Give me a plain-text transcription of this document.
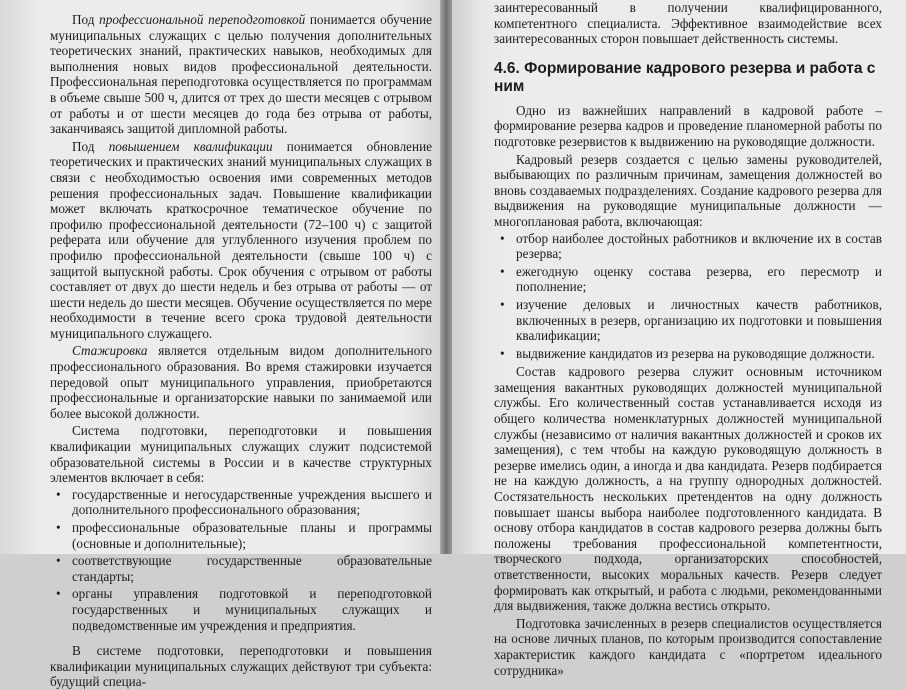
Под профессиональной переподготовкой понимается обучение муниципальных служащих с целью получения дополнительных теоретических знаний, практических навыков, необходимых для выполнения новых видов профессиональной деятельности. Профессиональная переподготовка осуществляется по программам в объеме свыше 500 ч, длится от трех до шести месяцев с отрывом от работы и от шести месяцев до года без отрыва от работы, заканчиваясь защитой дипломной работы.

Под повышением квалификации понимается обновление теоретических и практических знаний муниципальных служащих в связи с необходимостью освоения ими современных методов решения профессиональных задач. Повышение квалификации может включать краткосрочное тематическое обучение по профилю профессиональной деятельности (72–100 ч) с защитой реферата или обучение для углубленного изучения проблем по профилю профессиональной деятельности (свыше 100 ч) с защитой выпускной работы. Срок обучения с отрывом от работы составляет от двух до шести недель и без отрыва от работы — от шести недель до шести месяцев. Обучение осуществляется по мере необходимости в течение всего срока трудовой деятельности муниципального служащего.

Стажировка является отдельным видом дополнительного профессионального образования. Во время стажировки изучается передовой опыт муниципального управления, приобретаются профессиональные и организаторские навыки по занимаемой или более высокой должности.

Система подготовки, переподготовки и повышения квалификации муниципальных служащих служит подсистемой образовательной системы в России и в качестве структурных элементов включает в себя:

• государственные и негосударственные учреждения высшего и дополнительного профессионального образования;
• профессиональные образовательные планы и программы (основные и дополнительные);
• соответствующие государственные образовательные стандарты;
• органы управления подготовкой и переподготовкой государственных и муниципальных служащих и подведомственные им учреждения и предприятия.

В системе подготовки, переподготовки и повышения квалификации муниципальных служащих действуют три субъекта: будущий специа-

заинтересованный в получении квалифицированного, компетентного специалиста. Эффективное взаимодействие всех заинтересованных сторон повышает действенность системы.

4.6. Формирование кадрового резерва и работа с ним

Одно из важнейших направлений в кадровой работе – формирование резерва кадров и проведение планомерной работы по подготовке резервистов к выдвижению на руководящие должности.

Кадровый резерв создается с целью замены руководителей, выбывающих по различным причинам, замещения должностей во вновь создаваемых подразделениях. Создание кадрового резерва для выдвижения на руководящие муниципальные должности — многоплановая работа, включающая:

• отбор наиболее достойных работников и включение их в состав резерва;
• ежегодную оценку состава резерва, его пересмотр и пополнение;
• изучение деловых и личностных качеств работников, включенных в резерв, организацию их подготовки и повышения квалификации;
• выдвижение кандидатов из резерва на руководящие должности.

Состав кадрового резерва служит основным источником замещения вакантных руководящих должностей муниципальной службы. Его количественный состав устанавливается исходя из общего количества номенклатурных должностей муниципальной службы (независимо от наличия вакантных должностей и сроков их замещения), с тем чтобы на каждую руководящую должность в резерве имелись один, а иногда и два кандидата. Резерв подбирается не на каждую должность, а на группу однородных должностей. Состязательность нескольких претендентов на одну должность повышает шансы выбора наиболее подготовленного кандидата. В основу отбора кандидатов в состав кадрового резерва должны быть положены требования профессиональной компетентности, творческого подхода, организаторских способностей, ответственности, высоких моральных качеств. Резерв следует формировать как открытый, и работа с людьми, рекомендованными для выдвижения, также должна вестись открыто.

Подготовка зачисленных в резерв специалистов осуществляется на основе личных планов, по которым производится сопоставление характеристик каждого кандидата с «портретом идеального сотрудника»
